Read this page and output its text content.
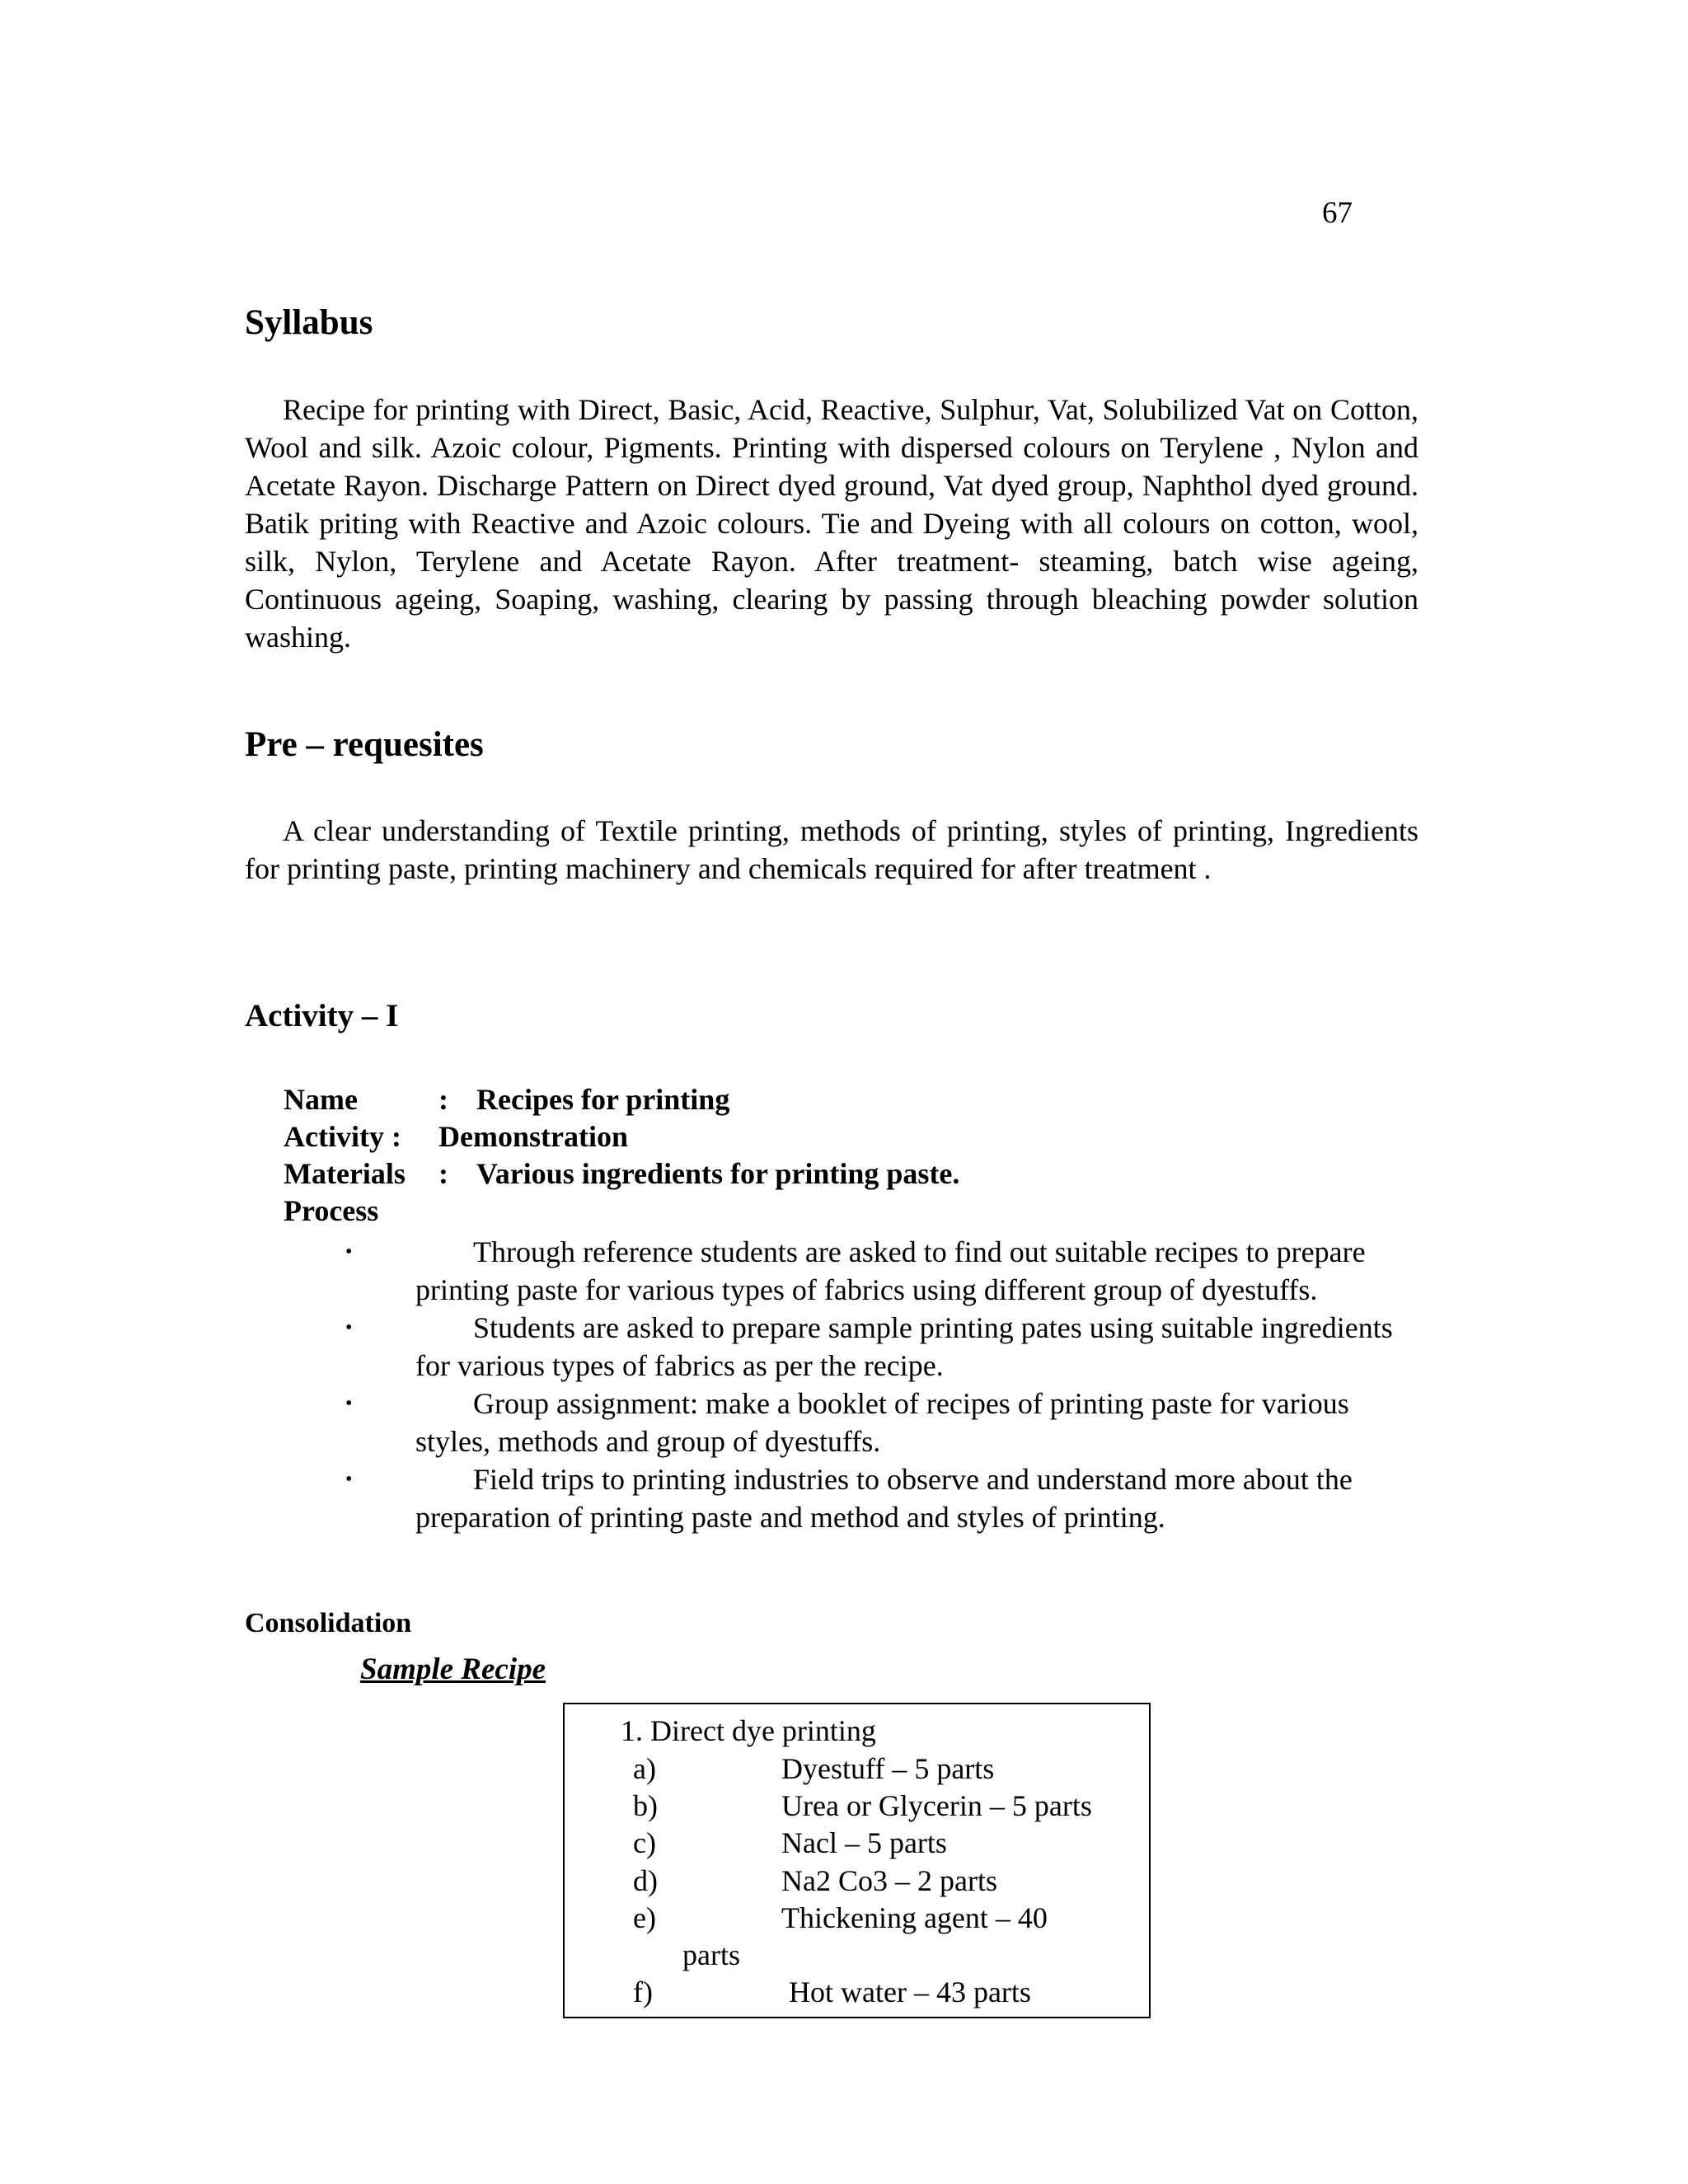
67
Syllabus
Recipe for printing with Direct, Basic, Acid, Reactive, Sulphur, Vat, Solubilized Vat on Cotton, Wool and silk. Azoic colour, Pigments. Printing with dispersed colours on Terylene , Nylon and Acetate Rayon. Discharge Pattern on Direct dyed ground, Vat dyed group, Naphthol dyed ground. Batik priting with Reactive and Azoic colours. Tie and Dyeing with all colours on cotton, wool, silk, Nylon, Terylene and Acetate Rayon. After treatment- steaming, batch wise ageing, Continuous ageing, Soaping, washing, clearing by passing through bleaching powder solution washing.
Pre – requesites
A clear understanding of Textile printing, methods of printing, styles of printing, Ingredients for printing paste, printing machinery and chemicals required for after treatment .
Activity – I
Name	: Recipes for printing
Activity : Demonstration
Materials : Various ingredients for printing paste.
Process
•	Through reference students are asked to find out suitable recipes to prepare printing paste for various types of fabrics using different group of dyestuffs.
•	Students are asked to prepare sample printing pates using suitable ingredients for various types of fabrics as per the recipe.
•	Group assignment: make a booklet of recipes of printing paste for various styles, methods and group of dyestuffs.
•	Field trips to printing industries to observe and understand more about the preparation of printing paste and method and styles of printing.
Consolidation
Sample Recipe
1. Direct dye printing
a)	Dyestuff – 5 parts
b)	Urea or Glycerin – 5 parts
c)	Nacl – 5 parts
d)	Na2 Co3 – 2 parts
e)	Thickening agent – 40
parts
f)	Hot water – 43 parts
